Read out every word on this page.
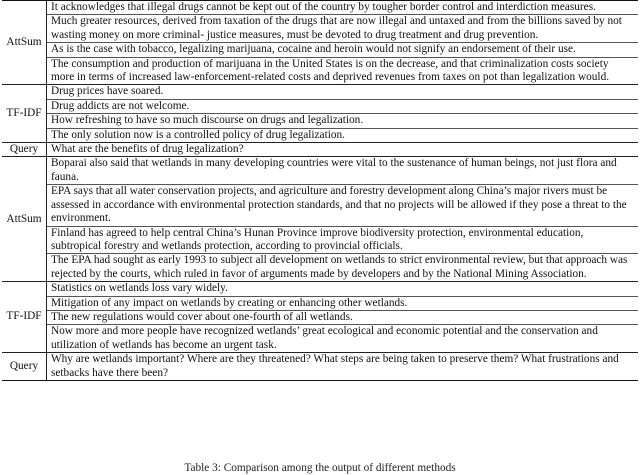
AttSum	It acknowledges that illegal drugs cannot be kept out of the country by tougher border control and interdiction measures.
	Much greater resources, derived from taxation of the drugs that are now illegal and untaxed and from the billions saved by not wasting money on more criminal- justice measures, must be devoted to drug treatment and drug prevention.
	As is the case with tobacco, legalizing marijuana, cocaine and heroin would not signify an endorsement of their use.
	The consumption and production of marijuana in the United States is on the decrease, and that criminalization costs society more in terms of increased law-enforcement-related costs and deprived revenues from taxes on pot than legalization would.
TF-IDF	Drug prices have soared.
	Drug addicts are not welcome.
	How refreshing to have so much discourse on drugs and legalization.
	The only solution now is a controlled policy of drug legalization.
Query	What are the benefits of drug legalization?
AttSum	Boparai also said that wetlands in many developing countries were vital to the sustenance of human beings, not just flora and fauna.
	EPA says that all water conservation projects, and agriculture and forestry development along China’s major rivers must be assessed in accordance with environmental protection standards, and that no projects will be allowed if they pose a threat to the environment.
	Finland has agreed to help central China’s Hunan Province improve biodiversity protection, environmental education, subtropical forestry and wetlands protection, according to provincial officials.
	The EPA had sought as early 1993 to subject all development on wetlands to strict environmental review, but that approach was rejected by the courts, which ruled in favor of arguments made by developers and by the National Mining Association.
TF-IDF	Statistics on wetlands loss vary widely.
	Mitigation of any impact on wetlands by creating or enhancing other wetlands.
	The new regulations would cover about one-fourth of all wetlands.
	Now more and more people have recognized wetlands’ great ecological and economic potential and the conservation and utilization of wetlands has become an urgent task.
Query	Why are wetlands important? Where are they threatened? What steps are being taken to preserve them? What frustrations and setbacks have there been?
Table 3: Comparison among the output of different methods
